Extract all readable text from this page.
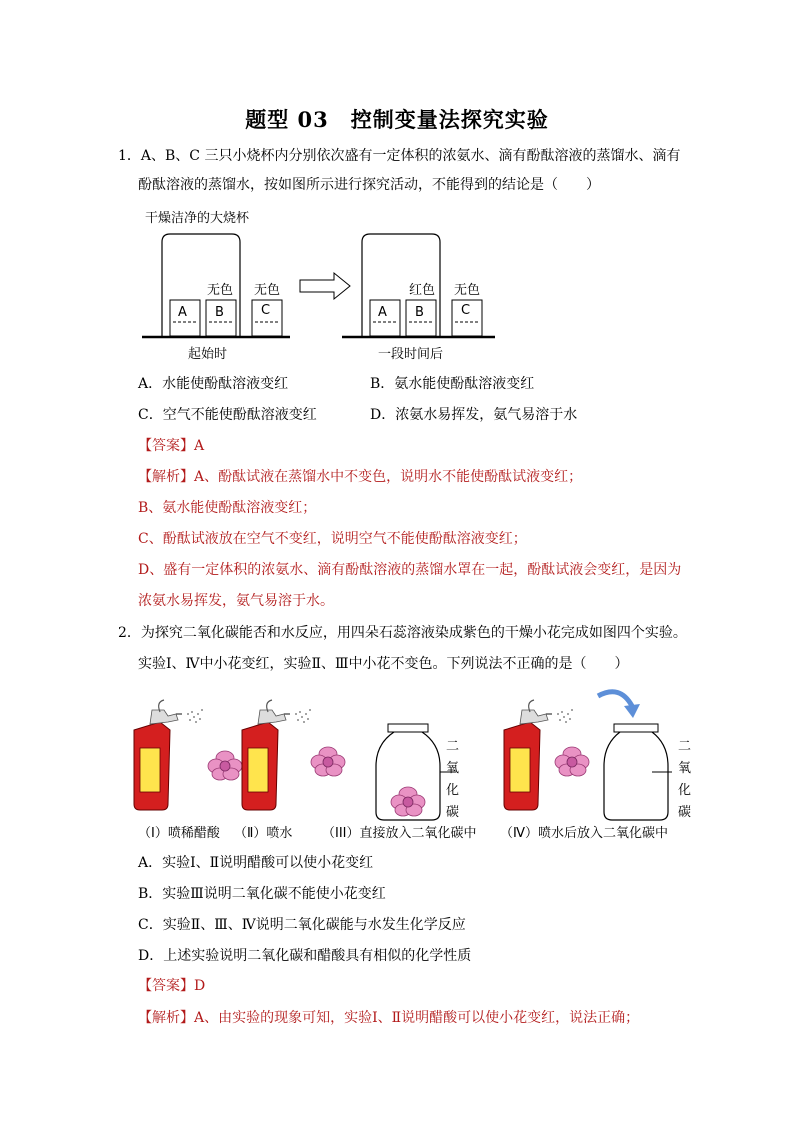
题型 03　控制变量法探究实验
1．A、B、C 三只小烧杯内分别依次盛有一定体积的浓氨水、滴有酚酞溶液的蒸馏水、滴有
酚酞溶液的蒸馏水，按如图所示进行探究活动，不能得到的结论是（　　）
干燥洁净的大烧杯
A B
无色
C
无色
起始时
A B
红色
C
无色
一段时间后
A．水能使酚酞溶液变红	B．氨水能使酚酞溶液变红
C．空气不能使酚酞溶液变红	D．浓氨水易挥发，氨气易溶于水
【答案】A
【解析】A、酚酞试液在蒸馏水中不变色，说明水不能使酚酞试液变红；
B、氨水能使酚酞溶液变红；
C、酚酞试液放在空气不变红，说明空气不能使酚酞溶液变红；
D、盛有一定体积的浓氨水、滴有酚酞溶液的蒸馏水罩在一起，酚酞试液会变红，是因为
浓氨水易挥发，氨气易溶于水。
2．为探究二氧化碳能否和水反应，用四朵石蕊溶液染成紫色的干燥小花完成如图四个实验。
实验Ⅰ、Ⅳ中小花变红，实验Ⅱ、Ⅲ中小花不变色。下列说法不正确的是（　　）
二
氧
化
碳
二
氧
化
碳
（I）喷稀醋酸 （Ⅱ）喷水 （III）直接放入二氧化碳中 （Ⅳ）喷水后放入二氧化碳中
A．实验Ⅰ、Ⅱ说明醋酸可以使小花变红
B．实验Ⅲ说明二氧化碳不能使小花变红
C．实验Ⅱ、Ⅲ、Ⅳ说明二氧化碳能与水发生化学反应
D．上述实验说明二氧化碳和醋酸具有相似的化学性质
【答案】D
【解析】A、由实验的现象可知，实验Ⅰ、Ⅱ说明醋酸可以使小花变红，说法正确；
